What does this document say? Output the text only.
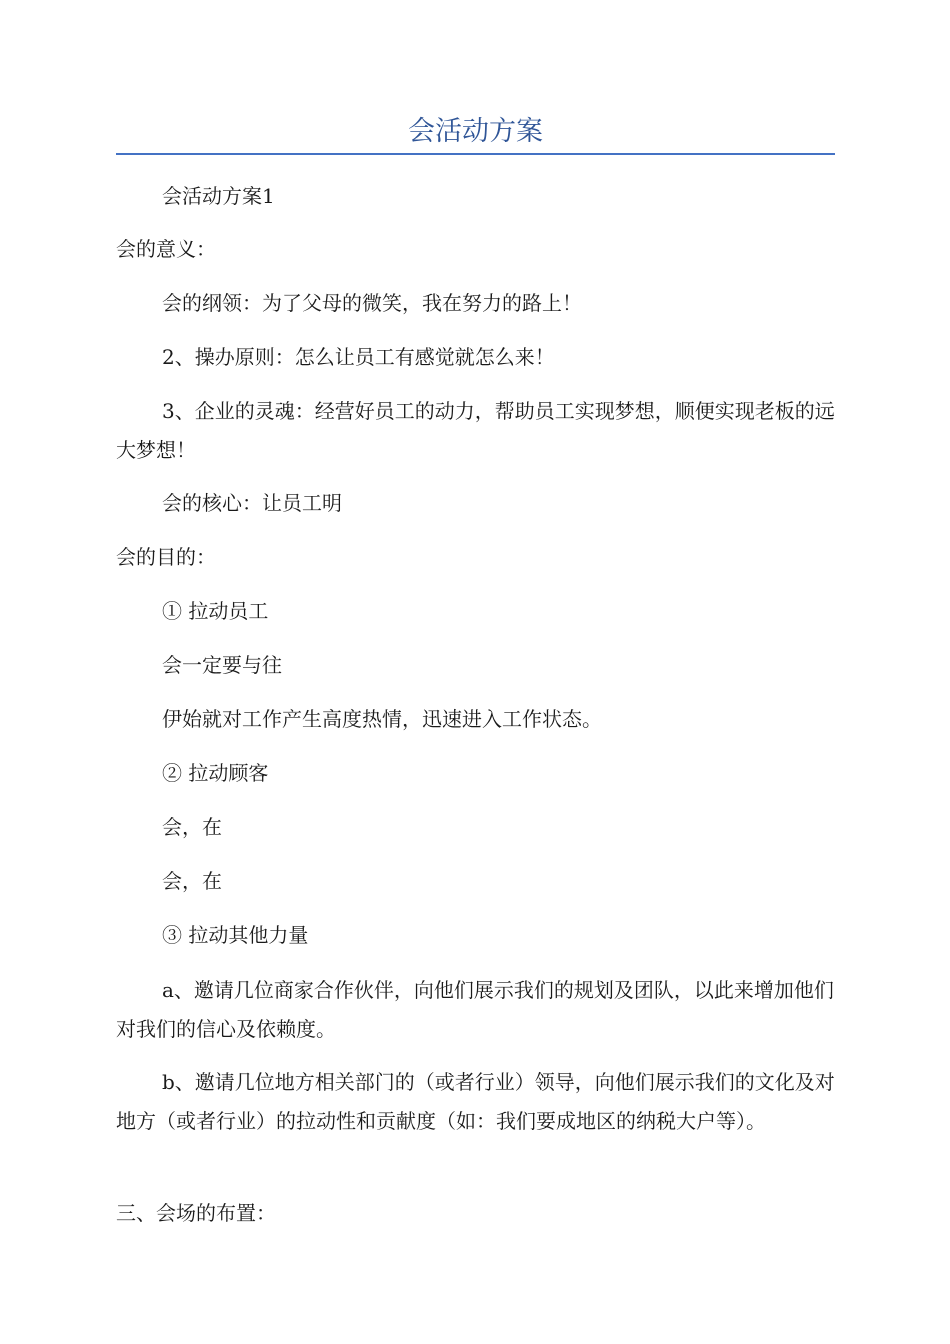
会活动方案

会活动方案1

会的意义：

会的纲领：为了父母的微笑，我在努力的路上！

2、操办原则：怎么让员工有感觉就怎么来！

3、企业的灵魂：经营好员工的动力，帮助员工实现梦想，顺便实现老板的远大梦想！

会的核心：让员工明

会的目的：

① 拉动员工

会一定要与往

伊始就对工作产生高度热情，迅速进入工作状态。

② 拉动顾客

会，在

会，在

③ 拉动其他力量

a、邀请几位商家合作伙伴，向他们展示我们的规划及团队，以此来增加他们对我们的信心及依赖度。

b、邀请几位地方相关部门的（或者行业）领导，向他们展示我们的文化及对地方（或者行业）的拉动性和贡献度（如：我们要成地区的纳税大户等）。

三、会场的布置：
